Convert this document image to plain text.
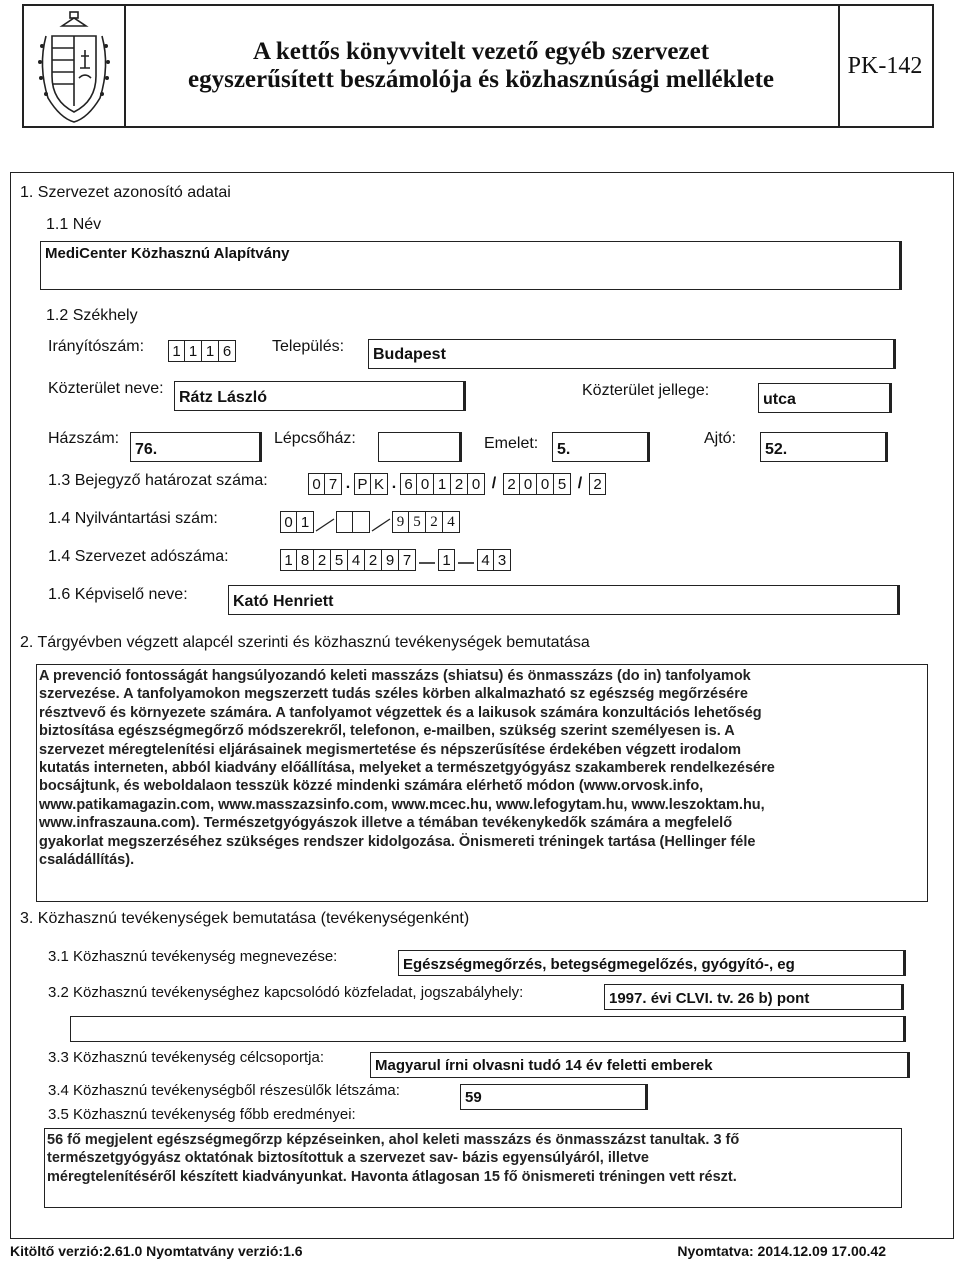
A kettős könyvvitelt vezető egyéb szervezet
egyszerűsített beszámolója és közhasznúsági melléklete
PK-142
1. Szervezet azonosító adatai
1.1 Név
MediCenter Közhasznú Alapítvány
1.2 Székhely
Irányítószám: 1 1 1 6	Település:	Budapest
Közterület neve:
Rátz László	Közterület jellege:
utca
Házszám:
76.
Lépcsőház:	Emelet:	5.
Ajtó:
52.
1.3 Bejegyző határozat száma:	0 7 . P K . 6 0 1 2 0 / 2 0 0 5 / 2
1.4 Nyilvántartási szám:	0 1	9 5 2 4
1.4 Szervezet adószáma:	1 8 2 5 4 2 9 7	1 4 3
1.6 Képviselő neve:	Kató Henriett
2. Tárgyévben végzett alapcél szerinti és közhasznú tevékenységek bemutatása
A prevenció fontosságát hangsúlyozandó keleti masszázs (shiatsu) és önmasszázs (do in) tanfolyamok
szervezése. A tanfolyamokon megszerzett tudás széles körben alkalmazható sz egészség megőrzésére
résztvevő és környezete számára. A tanfolyamot végzettek és a laikusok számára konzultációs lehetőség
biztosítása egészségmegőrző módszerekről, telefonon, e-mailben, szükség szerint személyesen is. A
szervezet méregtelenítési eljárásainek megismertetése és népszerűsítése érdekében végzett irodalom
kutatás interneten, abból kiadvány előállítása, melyeket a természetgyógyász szakamberek rendelkezésére
bocsájtunk, és weboldalaon tesszük közzé mindenki számára elérhető módon (www.orvosk.info,
www.patikamagazin.com, www.masszazsinfo.com, www.mcec.hu, www.lefogytam.hu, www.leszoktam.hu,
www.infraszauna.com). Természetgyógyászok illetve a témában tevékenykedők számára a megfelelő
gyakorlat megszerzéséhez szükséges rendszer kidolgozása. Önismereti tréningek tartása (Hellinger féle
családállítás).
3. Közhasznú tevékenységek bemutatása (tevékenységenként)
3.1 Közhasznú tevékenység megnevezése:	Egészségmegőrzés, betegségmegelőzés, gyógyító-, eg
3.2 Közhasznú tevékenységhez kapcsolódó közfeladat, jogszabályhely:	1997. évi CLVI. tv. 26 b) pont
3.3 Közhasznú tevékenység célcsoportja:	Magyarul írni olvasni tudó 14 év feletti emberek
3.4 Közhasznú tevékenységből részesülők létszáma:	59
3.5 Közhasznú tevékenység főbb eredményei:
56 fő megjelent egészségmegőrzp képzéseinken, ahol keleti masszázs és önmasszázst tanultak. 3 fő
természetgyógyász oktatónak biztosítottuk a szervezet sav- bázis egyensúlyáról, illetve
méregtelenítéséről készített kiadványunkat. Havonta átlagosan 15 fő önismereti tréningen vett részt.
Kitöltő verzió:2.61.0 Nyomtatvány verzió:1.6	Nyomtatva: 2014.12.09 17.00.42
